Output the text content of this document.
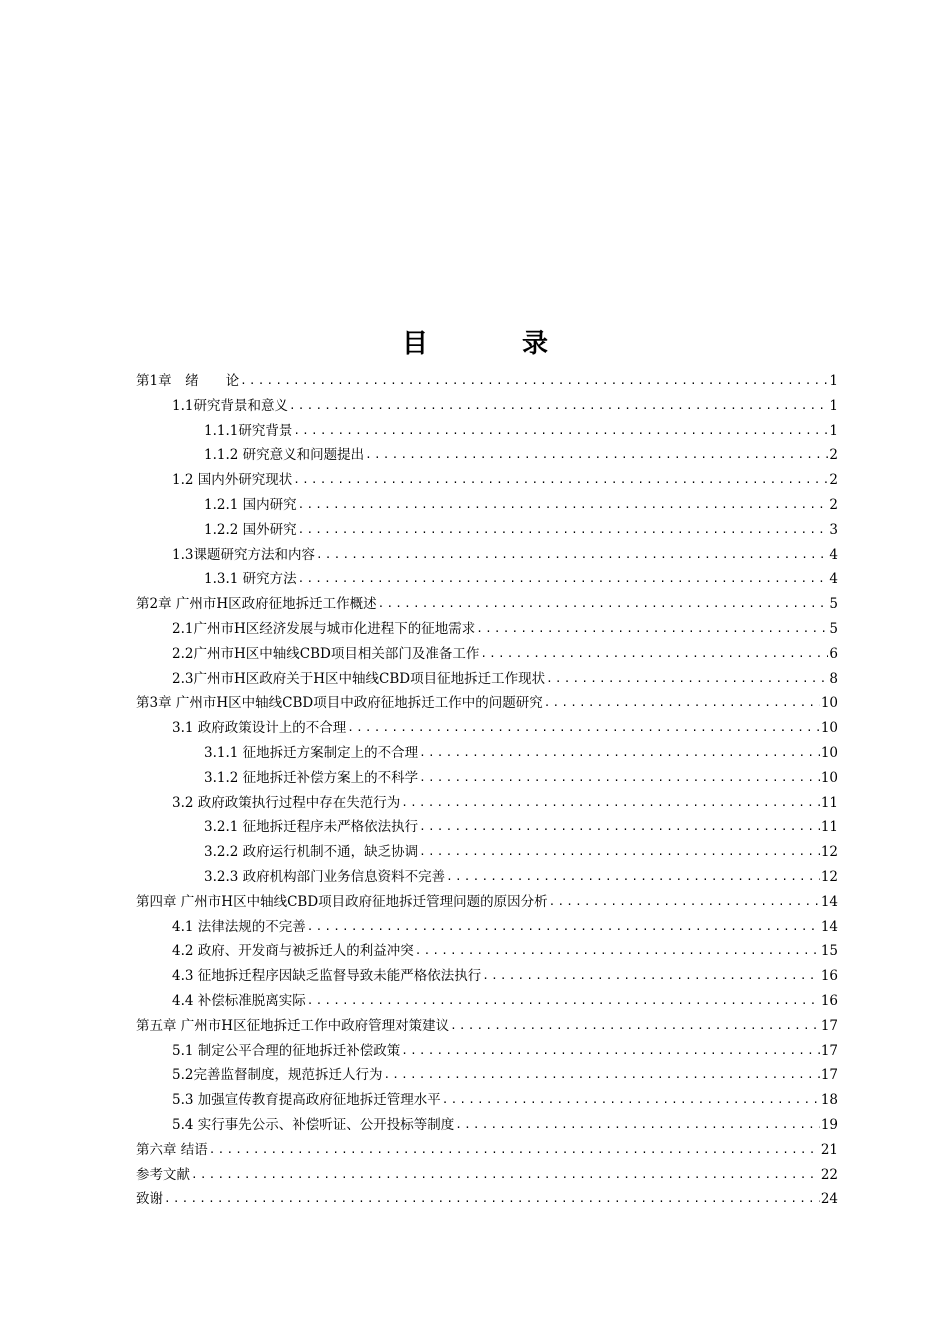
目　录
第1章　绪　　论 .....	1
1.1研究背景和意义 .....	1
1.1.1研究背景 .....	1
1.1.2 研究意义和问题提出 .....	2
1.2 国内外研究现状 .....	2
1.2.1 国内研究 .....	2
1.2.2 国外研究 .....	3
1.3课题研究方法和内容 .....	4
1.3.1 研究方法 .....	4
第2章 广州市H区政府征地拆迁工作概述 .....	5
2.1广州市H区经济发展与城市化进程下的征地需求 .....	5
2.2广州市H区中轴线CBD项目相关部门及准备工作 .....	6
2.3广州市H区政府关于H区中轴线CBD项目征地拆迁工作现状 .....	8
第3章 广州市H区中轴线CBD项目中政府征地拆迁工作中的问题研究 .....	10
3.1 政府政策设计上的不合理 .....	10
3.1.1 征地拆迁方案制定上的不合理 .....	10
3.1.2 征地拆迁补偿方案上的不科学 .....	10
3.2 政府政策执行过程中存在失范行为 .....	11
3.2.1 征地拆迁程序未严格依法执行 .....	11
3.2.2 政府运行机制不通，缺乏协调 .....	12
3.2.3 政府机构部门业务信息资料不完善 .....	12
第四章 广州市H区中轴线CBD项目政府征地拆迁管理问题的原因分析 .....	14
4.1 法律法规的不完善 .....	14
4.2 政府、开发商与被拆迁人的利益冲突 .....	15
4.3 征地拆迁程序因缺乏监督导致未能严格依法执行 .....	16
4.4 补偿标准脱离实际 .....	16
第五章 广州市H区征地拆迁工作中政府管理对策建议 .....	17
5.1 制定公平合理的征地拆迁补偿政策 .....	17
5.2完善监督制度，规范拆迁人行为 .....	17
5.3 加强宣传教育提高政府征地拆迁管理水平 .....	18
5.4 实行事先公示、补偿听证、公开投标等制度 .....	19
第六章 结语 .....	21
参考文献 .....	22
致谢 .....	24
